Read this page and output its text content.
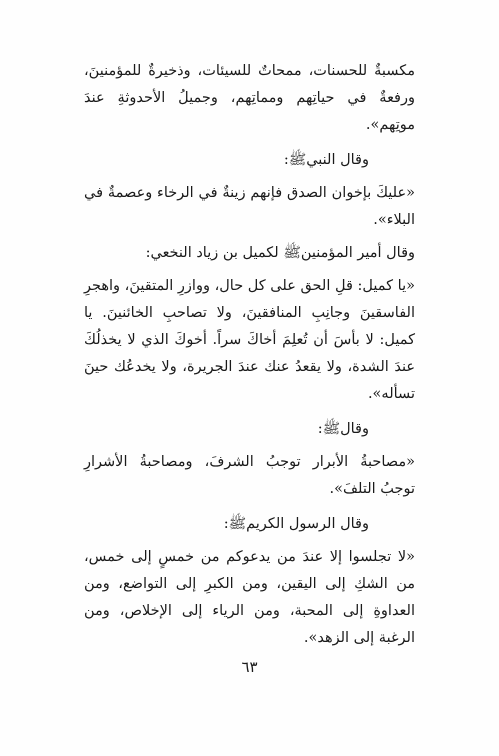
مكسبةٌ للحسنات، ممحاتٌ للسيئات، وذخيرةٌ للمؤمنينَ، ورفعةٌ في حياتِهم ومماتِهم، وجميلُ الأحدوثةِ عندَ موتِهم».

وقال النبيﷺ:

«عليكَ بإخوان الصدق فإنهم زينةٌ في الرخاء وعصمةٌ في البلاء».

وقال أمير المؤمنينﷺ لكميل بن زياد النخعي:

«يا كميل: قلِ الحق على كل حال، ووازرِ المتقينَ، واهجرِ الفاسقينَ وجانِبِ المنافقينَ، ولا تصاحبِ الخائنينَ. يا كميل: لا بأسَ أن تُعلِمَ أخاكَ سراً. أخوكَ الذي لا يخذلُكَ عندَ الشدة، ولا يقعدُ عنك عندَ الجريرة، ولا يخدعُك حينَ تسأله».

وقالﷺ:

«مصاحبةُ الأبرار توجبُ الشرفَ، ومصاحبةُ الأشرارِ توجبُ التلفَ».

وقال الرسول الكريمﷺ:

«لا تجلسوا إلا عندَ من يدعوكم من خمسٍ إلى خمس، من الشكِ إلى اليقين، ومن الكبرِ إلى التواضع، ومن العداوةِ إلى المحبة، ومن الرياء إلى الإخلاص، ومن الرغبة إلى الزهد».

٦٣
